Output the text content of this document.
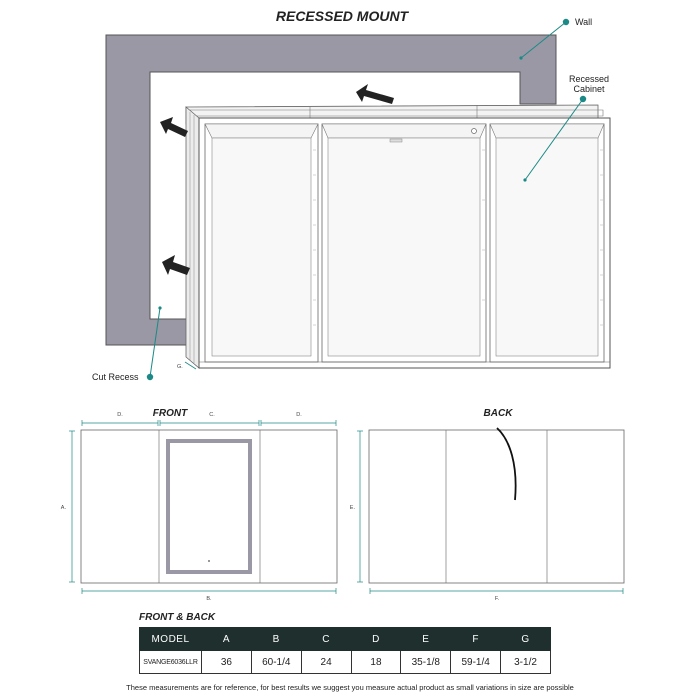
RECESSED MOUNT	Wall
Recessed
Cabinet
Cut Recess
G.
FRONT
D.	C.	D.
A.
B.
BACK
E.
F.
FRONT & BACK
MODEL	A	B	C	D	E	F	G
SVANGE6036LLR	36	60-1/4	24	18	35-1/8	59-1/4	3-1/2
These measurements are for reference, for best results we suggest you measure actual product as small variations in size are possible
